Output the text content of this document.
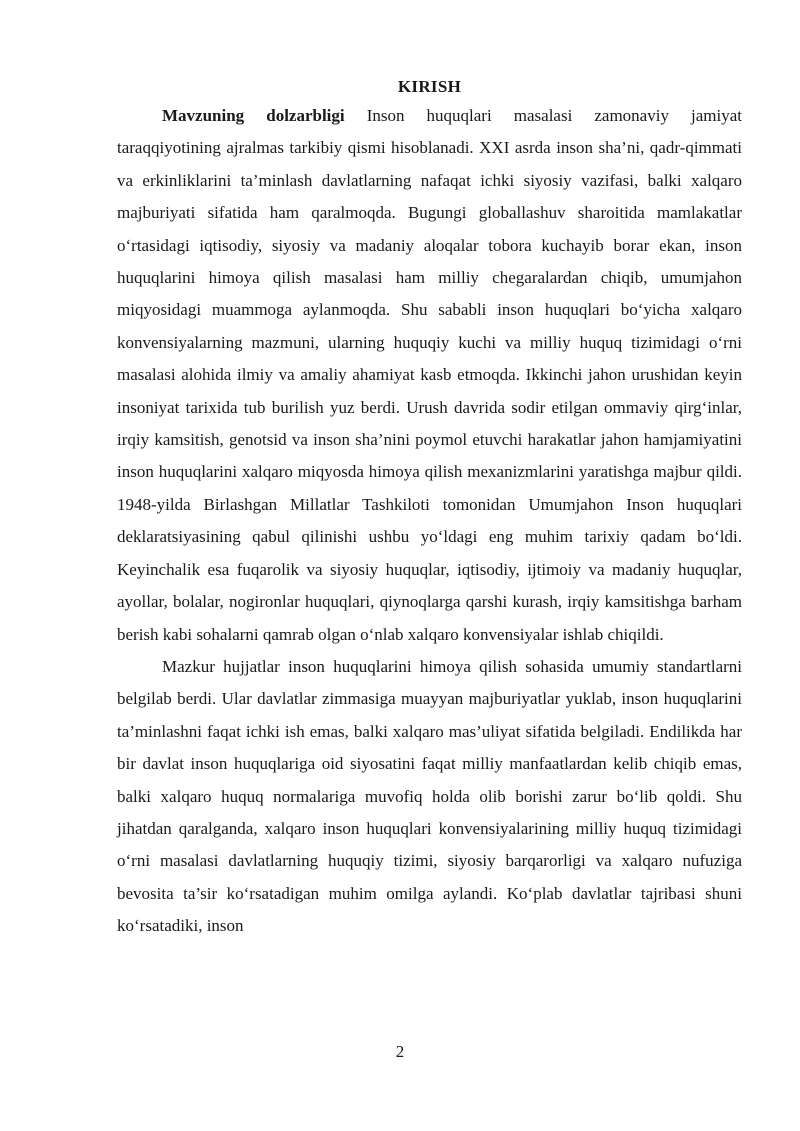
KIRISH

Mavzuning dolzarbligi Inson huquqlari masalasi zamonaviy jamiyat taraqqiyotining ajralmas tarkibiy qismi hisoblanadi. XXI asrda inson sha’ni, qadr-qimmati va erkinliklarini ta’minlash davlatlarning nafaqat ichki siyosiy vazifasi, balki xalqaro majburiyati sifatida ham qaralmoqda. Bugungi globallashuv sharoitida mamlakatlar o‘rtasidagi iqtisodiy, siyosiy va madaniy aloqalar tobora kuchayib borar ekan, inson huquqlarini himoya qilish masalasi ham milliy chegaralardan chiqib, umumjahon miqyosidagi muammoga aylanmoqda. Shu sababli inson huquqlari bo‘yicha xalqaro konvensiyalarning mazmuni, ularning huquqiy kuchi va milliy huquq tizimidagi o‘rni masalasi alohida ilmiy va amaliy ahamiyat kasb etmoqda. Ikkinchi jahon urushidan keyin insoniyat tarixida tub burilish yuz berdi. Urush davrida sodir etilgan ommaviy qirg‘inlar, irqiy kamsitish, genotsid va inson sha’nini poymol etuvchi harakatlar jahon hamjamiyatini inson huquqlarini xalqaro miqyosda himoya qilish mexanizmlarini yaratishga majbur qildi. 1948-yilda Birlashgan Millatlar Tashkiloti tomonidan Umumjahon Inson huquqlari deklaratsiyasining qabul qilinishi ushbu yo‘ldagi eng muhim tarixiy qadam bo‘ldi. Keyinchalik esa fuqarolik va siyosiy huquqlar, iqtisodiy, ijtimoiy va madaniy huquqlar, ayollar, bolalar, nogironlar huquqlari, qiynoqlarga qarshi kurash, irqiy kamsitishga barham berish kabi sohalarni qamrab olgan o‘nlab xalqaro konvensiyalar ishlab chiqildi.

Mazkur hujjatlar inson huquqlarini himoya qilish sohasida umumiy standartlarni belgilab berdi. Ular davlatlar zimmasiga muayyan majburiyatlar yuklab, inson huquqlarini ta’minlashni faqat ichki ish emas, balki xalqaro mas’uliyat sifatida belgiladi. Endilikda har bir davlat inson huquqlariga oid siyosatini faqat milliy manfaatlardan kelib chiqib emas, balki xalqaro huquq normalariga muvofiq holda olib borishi zarur bo‘lib qoldi. Shu jihatdan qaralganda, xalqaro inson huquqlari konvensiyalarining milliy huquq tizimidagi o‘rni masalasi davlatlarning huquqiy tizimi, siyosiy barqarorligi va xalqaro nufuziga bevosita ta’sir ko‘rsatadigan muhim omilga aylandi. Ko‘plab davlatlar tajribasi shuni ko‘rsatadiki, inson

2
